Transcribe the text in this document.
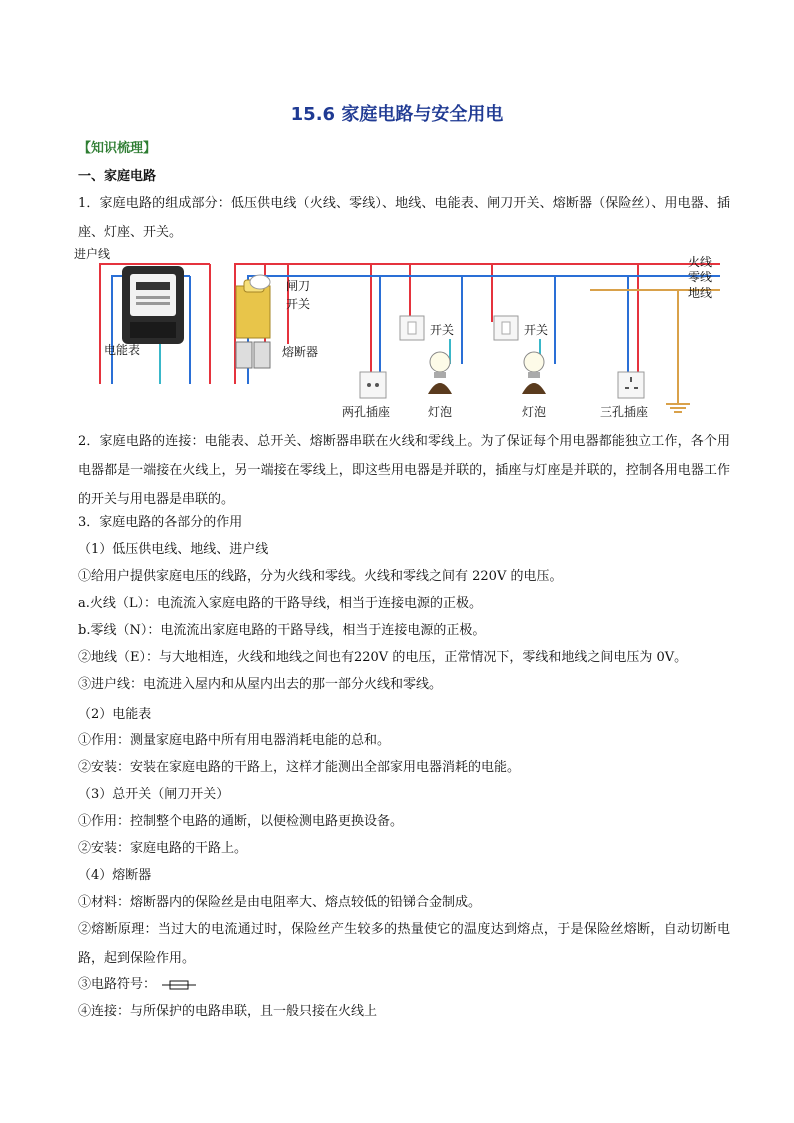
15.6 家庭电路与安全用电
【知识梳理】
一、家庭电路
1．家庭电路的组成部分：低压供电线（火线、零线）、地线、电能表、闸刀开关、熔断器（保险丝）、用电器、插座、灯座、开关。
进户线
电能表
闸刀
开关
熔断器
开关	开关
两孔插座	灯泡	灯泡	三孔插座
火线
零线
地线
2．家庭电路的连接：电能表、总开关、熔断器串联在火线和零线上。为了保证每个用电器都能独立工作，各个用电器都是一端接在火线上，另一端接在零线上，即这些用电器是并联的，插座与灯座是并联的，控制各用电器工作的开关与用电器是串联的。
3．家庭电路的各部分的作用
（1）低压供电线、地线、进户线
①给用户提供家庭电压的线路，分为火线和零线。火线和零线之间有 220V 的电压。
a.火线（L）：电流流入家庭电路的干路导线，相当于连接电源的正极。
b.零线（N）：电流流出家庭电路的干路导线，相当于连接电源的正极。
②地线（E）：与大地相连，火线和地线之间也有220V 的电压，正常情况下，零线和地线之间电压为 0V。
③进户线：电流进入屋内和从屋内出去的那一部分火线和零线。
（2）电能表
①作用：测量家庭电路中所有用电器消耗电能的总和。
②安装：安装在家庭电路的干路上，这样才能测出全部家用电器消耗的电能。
（3）总开关（闸刀开关）
①作用：控制整个电路的通断，以便检测电路更换设备。
②安装：家庭电路的干路上。
（4）熔断器
①材料：熔断器内的保险丝是由电阻率大、熔点较低的铅锑合金制成。
②熔断原理：当过大的电流通过时，保险丝产生较多的热量使它的温度达到熔点，于是保险丝熔断，自动切断电路，起到保险作用。
③电路符号：
④连接：与所保护的电路串联，且一般只接在火线上
